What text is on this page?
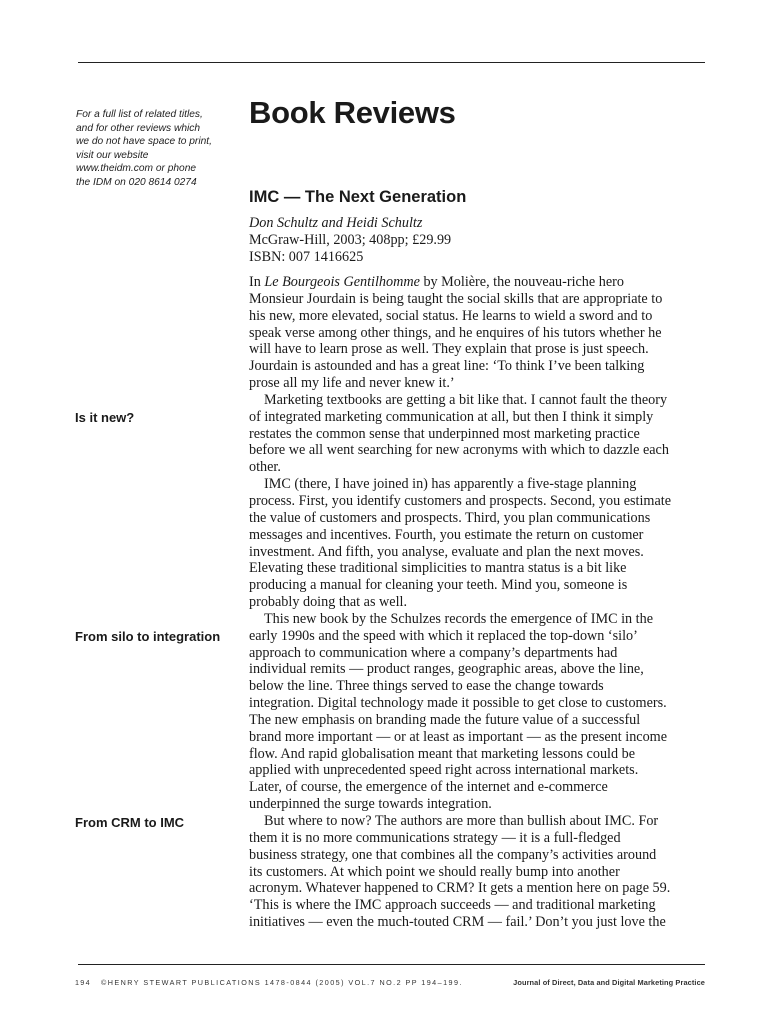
For a full list of related titles,
and for other reviews which
we do not have space to print,
visit our website
www.theidm.com or phone
the IDM on 020 8614 0274
Book Reviews
IMC — The Next Generation
Don Schultz and Heidi Schultz
McGraw-Hill, 2003; 408pp; £29.99
ISBN: 007 1416625
Is it new?
From silo to integration
From CRM to IMC
In Le Bourgeois Gentilhomme by Molière, the nouveau-riche hero
Monsieur Jourdain is being taught the social skills that are appropriate to
his new, more elevated, social status. He learns to wield a sword and to
speak verse among other things, and he enquires of his tutors whether he
will have to learn prose as well. They explain that prose is just speech.
Jourdain is astounded and has a great line: ‘To think I’ve been talking
prose all my life and never knew it.’
Marketing textbooks are getting a bit like that. I cannot fault the theory
of integrated marketing communication at all, but then I think it simply
restates the common sense that underpinned most marketing practice
before we all went searching for new acronyms with which to dazzle each
other.
IMC (there, I have joined in) has apparently a five-stage planning
process. First, you identify customers and prospects. Second, you estimate
the value of customers and prospects. Third, you plan communications
messages and incentives. Fourth, you estimate the return on customer
investment. And fifth, you analyse, evaluate and plan the next moves.
Elevating these traditional simplicities to mantra status is a bit like
producing a manual for cleaning your teeth. Mind you, someone is
probably doing that as well.
This new book by the Schulzes records the emergence of IMC in the
early 1990s and the speed with which it replaced the top-down ‘silo’
approach to communication where a company’s departments had
individual remits — product ranges, geographic areas, above the line,
below the line. Three things served to ease the change towards
integration. Digital technology made it possible to get close to customers.
The new emphasis on branding made the future value of a successful
brand more important — or at least as important — as the present income
flow. And rapid globalisation meant that marketing lessons could be
applied with unprecedented speed right across international markets.
Later, of course, the emergence of the internet and e-commerce
underpinned the surge towards integration.
But where to now? The authors are more than bullish about IMC. For
them it is no more communications strategy — it is a full-fledged
business strategy, one that combines all the company’s activities around
its customers. At which point we should really bump into another
acronym. Whatever happened to CRM? It gets a mention here on page 59.
‘This is where the IMC approach succeeds — and traditional marketing
initiatives — even the much-touted CRM — fail.’ Don’t you just love the
194 ©HENRY STEWART PUBLICATIONS 1478-0844 (2005) VOL.7 NO.2 PP 194–199.	Journal of Direct, Data and Digital Marketing Practice
